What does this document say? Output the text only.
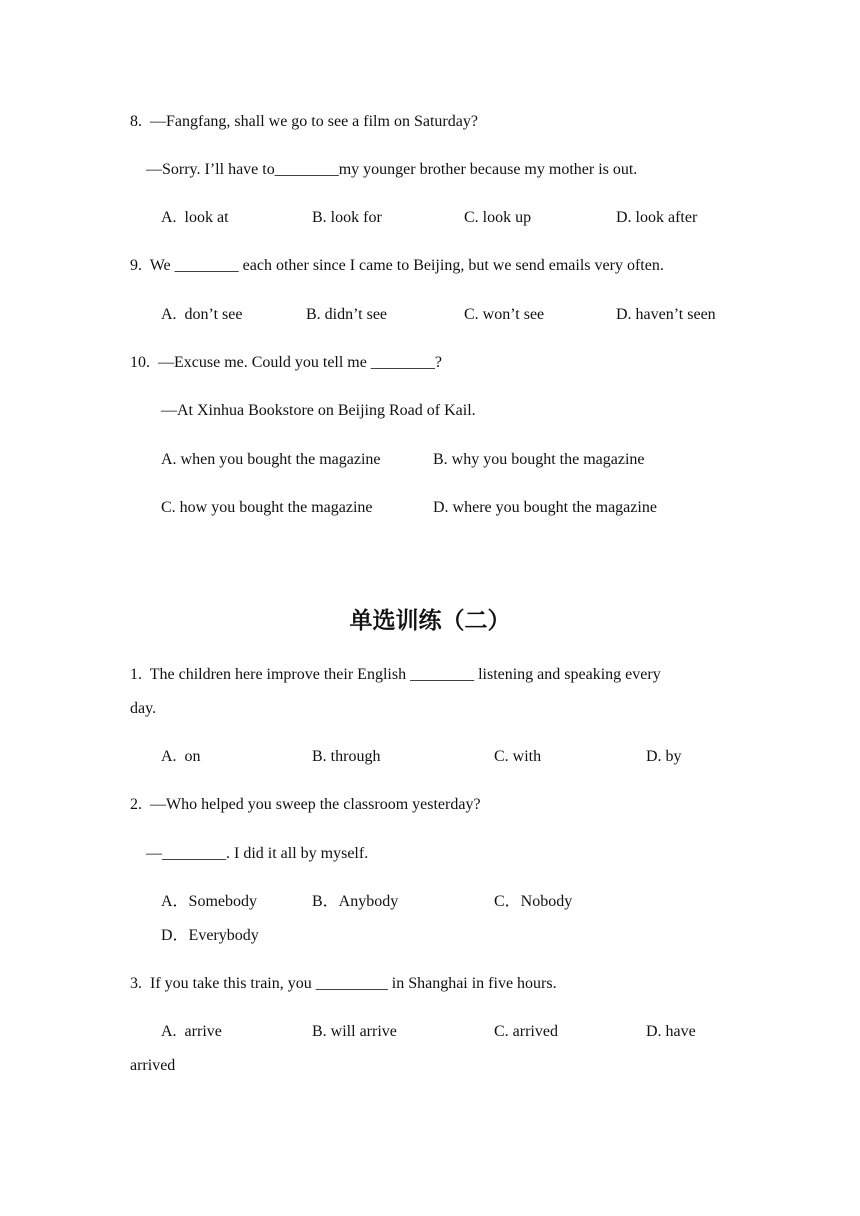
8.  —Fangfang, shall we go to see a film on Saturday?
—Sorry. I’ll have to________my younger brother because my mother is out.
A.  look at	B. look for	C. look up	D. look after
9.  We ________ each other since I came to Beijing, but we send emails very often.
A.  don’t see	B. didn’t see	C. won’t see	D. haven’t seen
10.  —Excuse me. Could you tell me ________?
—At Xinhua Bookstore on Beijing Road of Kail.
A. when you bought the magazine	B. why you bought the magazine
C. how you bought the magazine	D. where you bought the magazine
单选训练（二）
1.  The children here improve their English ________ listening and speaking every
day.
A.  on	B. through	C. with	D. by
2.  —Who helped you sweep the classroom yesterday?
—________. I did it all by myself.
A．Somebody	B．Anybody	C．Nobody
D．Everybody
3.  If you take this train, you _________ in Shanghai in five hours.
A.  arrive	B. will arrive	C. arrived	D. have
arrived
